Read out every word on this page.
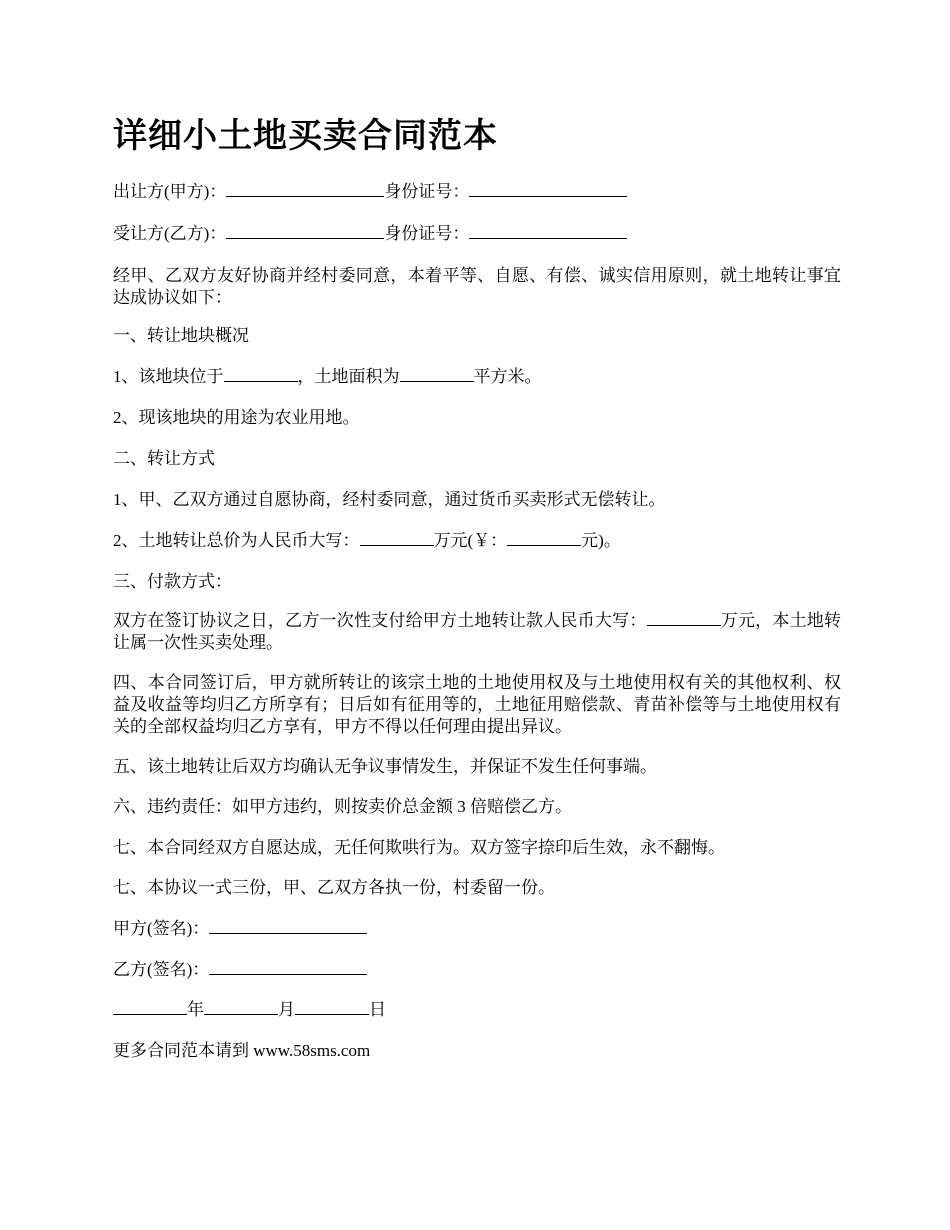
详细小土地买卖合同范本
出让方(甲方)：	身份证号：
受让方(乙方)：	身份证号：
经甲、乙双方友好协商并经村委同意，本着平等、自愿、有偿、诚实信用原则，就土地转让事宜达成协议如下：
一、转让地块概况
1、该地块位于	，土地面积为	平方米。
2、现该地块的用途为农业用地。
二、转让方式
1、甲、乙双方通过自愿协商，经村委同意，通过货币买卖形式无偿转让。
2、土地转让总价为人民币大写：	万元(￥：	元)。
三、付款方式：
双方在签订协议之日，乙方一次性支付给甲方土地转让款人民币大写：	万元，本土地转让属一次性买卖处理。
四、本合同签订后，甲方就所转让的该宗土地的土地使用权及与土地使用权有关的其他权利、权益及收益等均归乙方所享有；日后如有征用等的，土地征用赔偿款、青苗补偿等与土地使用权有关的全部权益均归乙方享有，甲方不得以任何理由提出异议。
五、该土地转让后双方均确认无争议事情发生，并保证不发生任何事端。
六、违约责任：如甲方违约，则按卖价总金额 3 倍赔偿乙方。
七、本合同经双方自愿达成，无任何欺哄行为。双方签字捺印后生效，永不翻悔。
七、本协议一式三份，甲、乙双方各执一份，村委留一份。
甲方(签名)：
乙方(签名)：
年	月	日
更多合同范本请到 www.58sms.com
